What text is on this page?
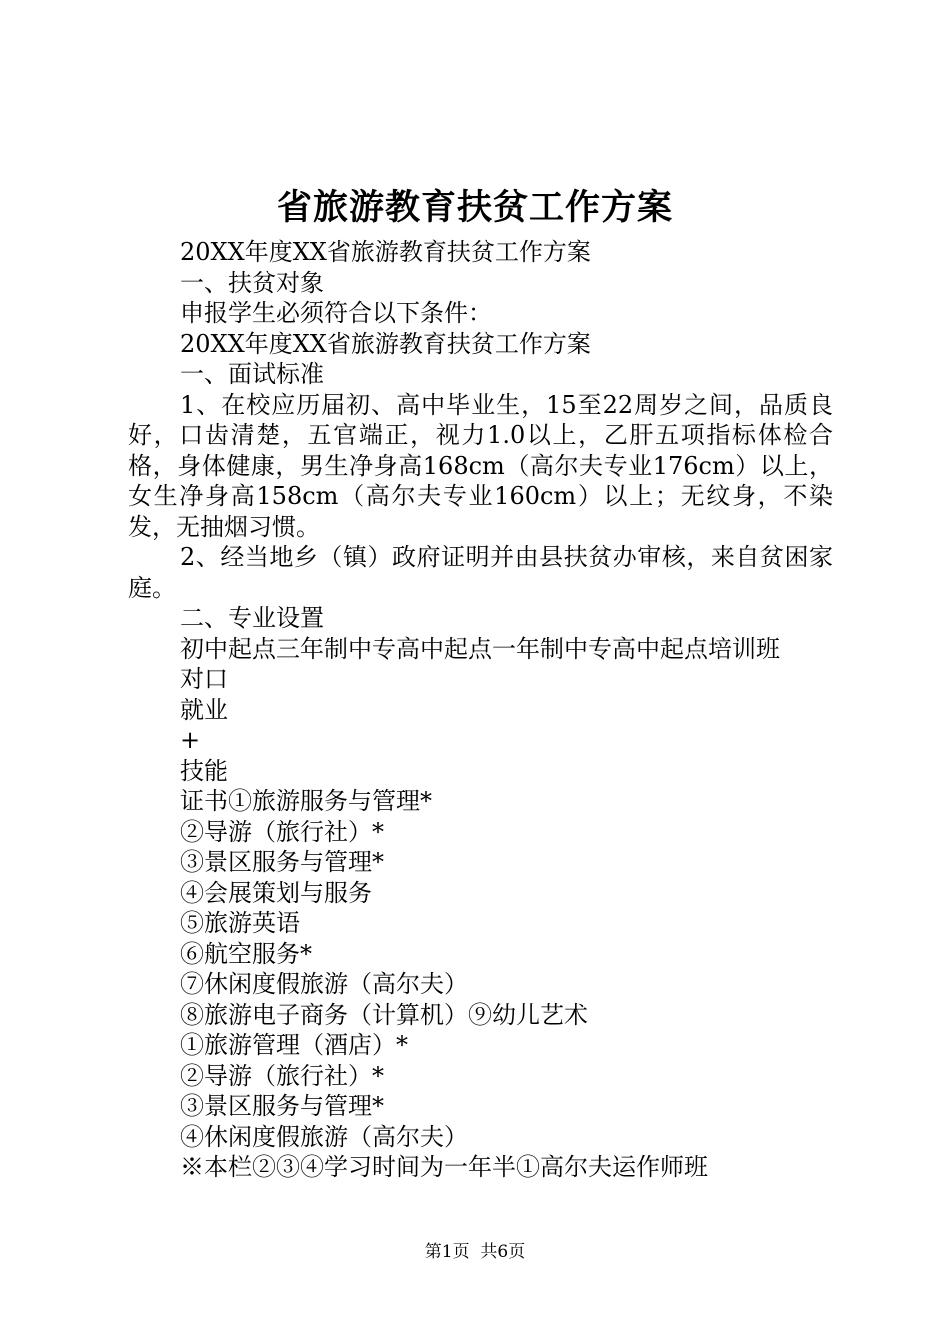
省旅游教育扶贫工作方案

20XX年度XX省旅游教育扶贫工作方案

一、扶贫对象

申报学生必须符合以下条件：

20XX年度XX省旅游教育扶贫工作方案

一、面试标准

1、在校应历届初、高中毕业生，15至22周岁之间，品质良好，口齿清楚，五官端正，视力1.0以上，乙肝五项指标体检合格，身体健康，男生净身高168cm（高尔夫专业176cm）以上，女生净身高158cm（高尔夫专业160cm）以上；无纹身，不染发，无抽烟习惯。

2、经当地乡（镇）政府证明并由县扶贫办审核，来自贫困家庭。

二、专业设置

初中起点三年制中专高中起点一年制中专高中起点培训班

对口

就业

+

技能

证书①旅游服务与管理*

②导游（旅行社）*

③景区服务与管理*

④会展策划与服务

⑤旅游英语

⑥航空服务*

⑦休闲度假旅游（高尔夫）

⑧旅游电子商务（计算机）⑨幼儿艺术

①旅游管理（酒店）*

②导游（旅行社）*

③景区服务与管理*

④休闲度假旅游（高尔夫）

※本栏②③④学习时间为一年半①高尔夫运作师班

第1页 共6页
